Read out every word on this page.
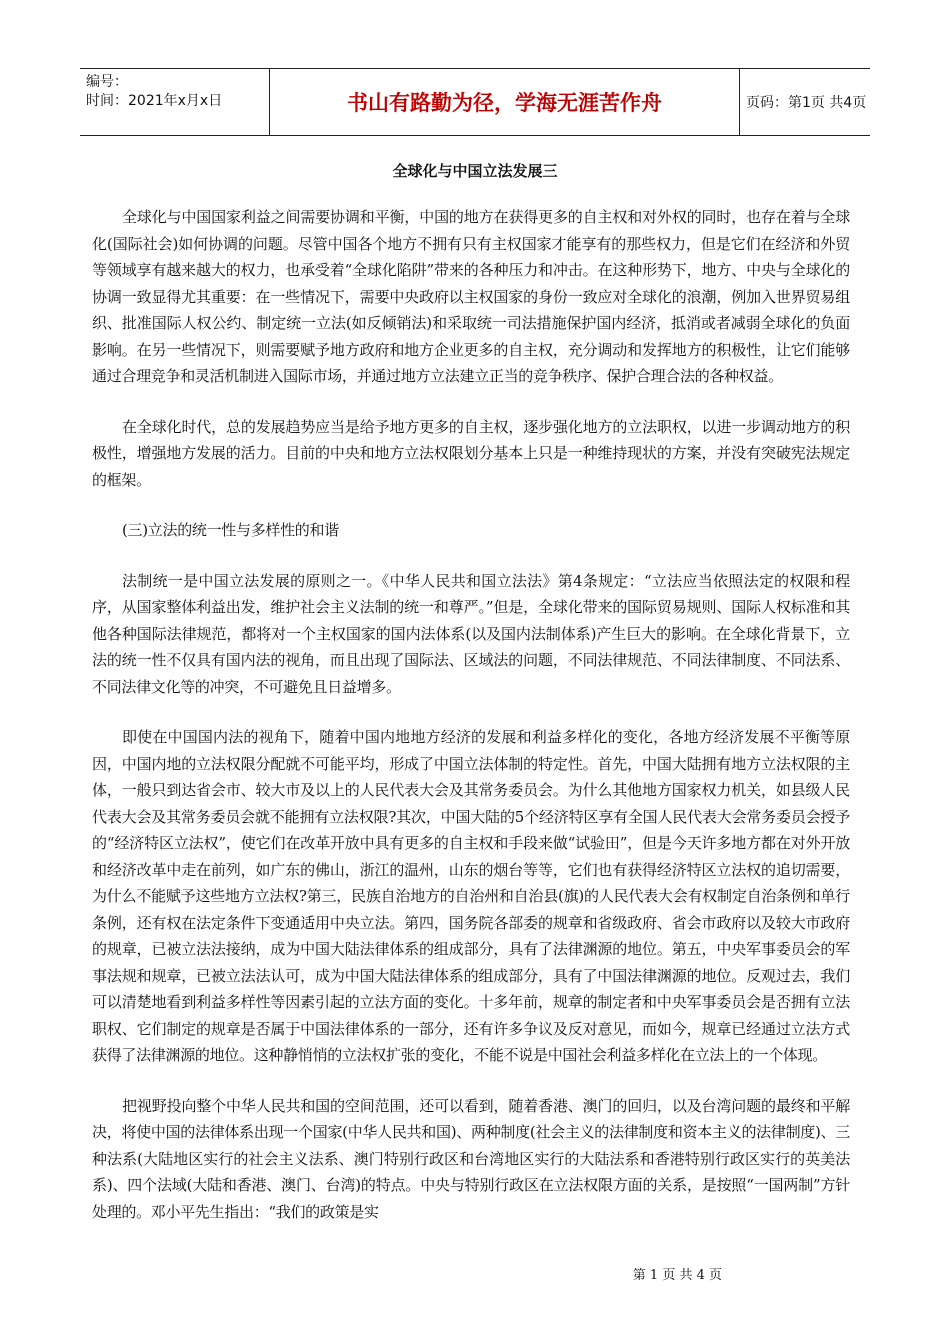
编号：
时间：2021年x月x日	书山有路勤为径，学海无涯苦作舟	页码：第1页 共4页
全球化与中国立法发展三

全球化与中国国家利益之间需要协调和平衡，中国的地方在获得更多的自主权和对外权的同时，也存在着与全球化(国际社会)如何协调的问题。尽管中国各个地方不拥有只有主权国家才能享有的那些权力，但是它们在经济和外贸等领域享有越来越大的权力，也承受着“全球化陷阱”带来的各种压力和冲击。在这种形势下，地方、中央与全球化的协调一致显得尤其重要：在一些情况下，需要中央政府以主权国家的身份一致应对全球化的浪潮，例加入世界贸易组织、批准国际人权公约、制定统一立法(如反倾销法)和采取统一司法措施保护国内经济，抵消或者减弱全球化的负面影响。在另一些情况下，则需要赋予地方政府和地方企业更多的自主权，充分调动和发挥地方的积极性，让它们能够通过合理竞争和灵活机制进入国际市场，并通过地方立法建立正当的竞争秩序、保护合理合法的各种权益。

在全球化时代，总的发展趋势应当是给予地方更多的自主权，逐步强化地方的立法职权，以进一步调动地方的积极性，增强地方发展的活力。目前的中央和地方立法权限划分基本上只是一种维持现状的方案，并没有突破宪法规定的框架。

(三)立法的统一性与多样性的和谐

法制统一是中国立法发展的原则之一。《中华人民共和国立法法》第4条规定：“立法应当依照法定的权限和程序，从国家整体利益出发，维护社会主义法制的统一和尊严。”但是，全球化带来的国际贸易规则、国际人权标准和其他各种国际法律规范，都将对一个主权国家的国内法体系(以及国内法制体系)产生巨大的影响。在全球化背景下，立法的统一性不仅具有国内法的视角，而且出现了国际法、区域法的问题，不同法律规范、不同法律制度、不同法系、不同法律文化等的冲突，不可避免且日益增多。

即使在中国国内法的视角下，随着中国内地地方经济的发展和利益多样化的变化，各地方经济发展不平衡等原因，中国内地的立法权限分配就不可能平均，形成了中国立法体制的特定性。首先，中国大陆拥有地方立法权限的主体，一般只到达省会市、较大市及以上的人民代表大会及其常务委员会。为什么其他地方国家权力机关，如县级人民代表大会及其常务委员会就不能拥有立法权限?其次，中国大陆的5个经济特区享有全国人民代表大会常务委员会授予的“经济特区立法权”，使它们在改革开放中具有更多的自主权和手段来做“试验田”，但是今天许多地方都在对外开放和经济改革中走在前列，如广东的佛山，浙江的温州，山东的烟台等等，它们也有获得经济特区立法权的追切需要，为什么不能赋予这些地方立法权?第三，民族自治地方的自治州和自治县(旗)的人民代表大会有权制定自治条例和单行条例，还有权在法定条件下变通适用中央立法。第四，国务院各部委的规章和省级政府、省会市政府以及较大市政府的规章，已被立法法接纳，成为中国大陆法律体系的组成部分，具有了法律渊源的地位。第五，中央军事委员会的军事法规和规章，已被立法法认可，成为中国大陆法律体系的组成部分，具有了中国法律渊源的地位。反观过去，我们可以清楚地看到利益多样性等因素引起的立法方面的变化。十多年前，规章的制定者和中央军事委员会是否拥有立法职权、它们制定的规章是否属于中国法律体系的一部分，还有许多争议及反对意见，而如今，规章已经通过立法方式获得了法律渊源的地位。这种静悄悄的立法权扩张的变化，不能不说是中国社会利益多样化在立法上的一个体现。

把视野投向整个中华人民共和国的空间范围，还可以看到，随着香港、澳门的回归，以及台湾问题的最终和平解决，将使中国的法律体系出现一个国家(中华人民共和国)、两种制度(社会主义的法律制度和资本主义的法律制度)、三种法系(大陆地区实行的社会主义法系、澳门特别行政区和台湾地区实行的大陆法系和香港特别行政区实行的英美法系)、四个法域(大陆和香港、澳门、台湾)的特点。中央与特别行政区在立法权限方面的关系，是按照“一国两制”方针处理的。邓小平先生指出：“我们的政策是实

第 1 页 共 4 页
